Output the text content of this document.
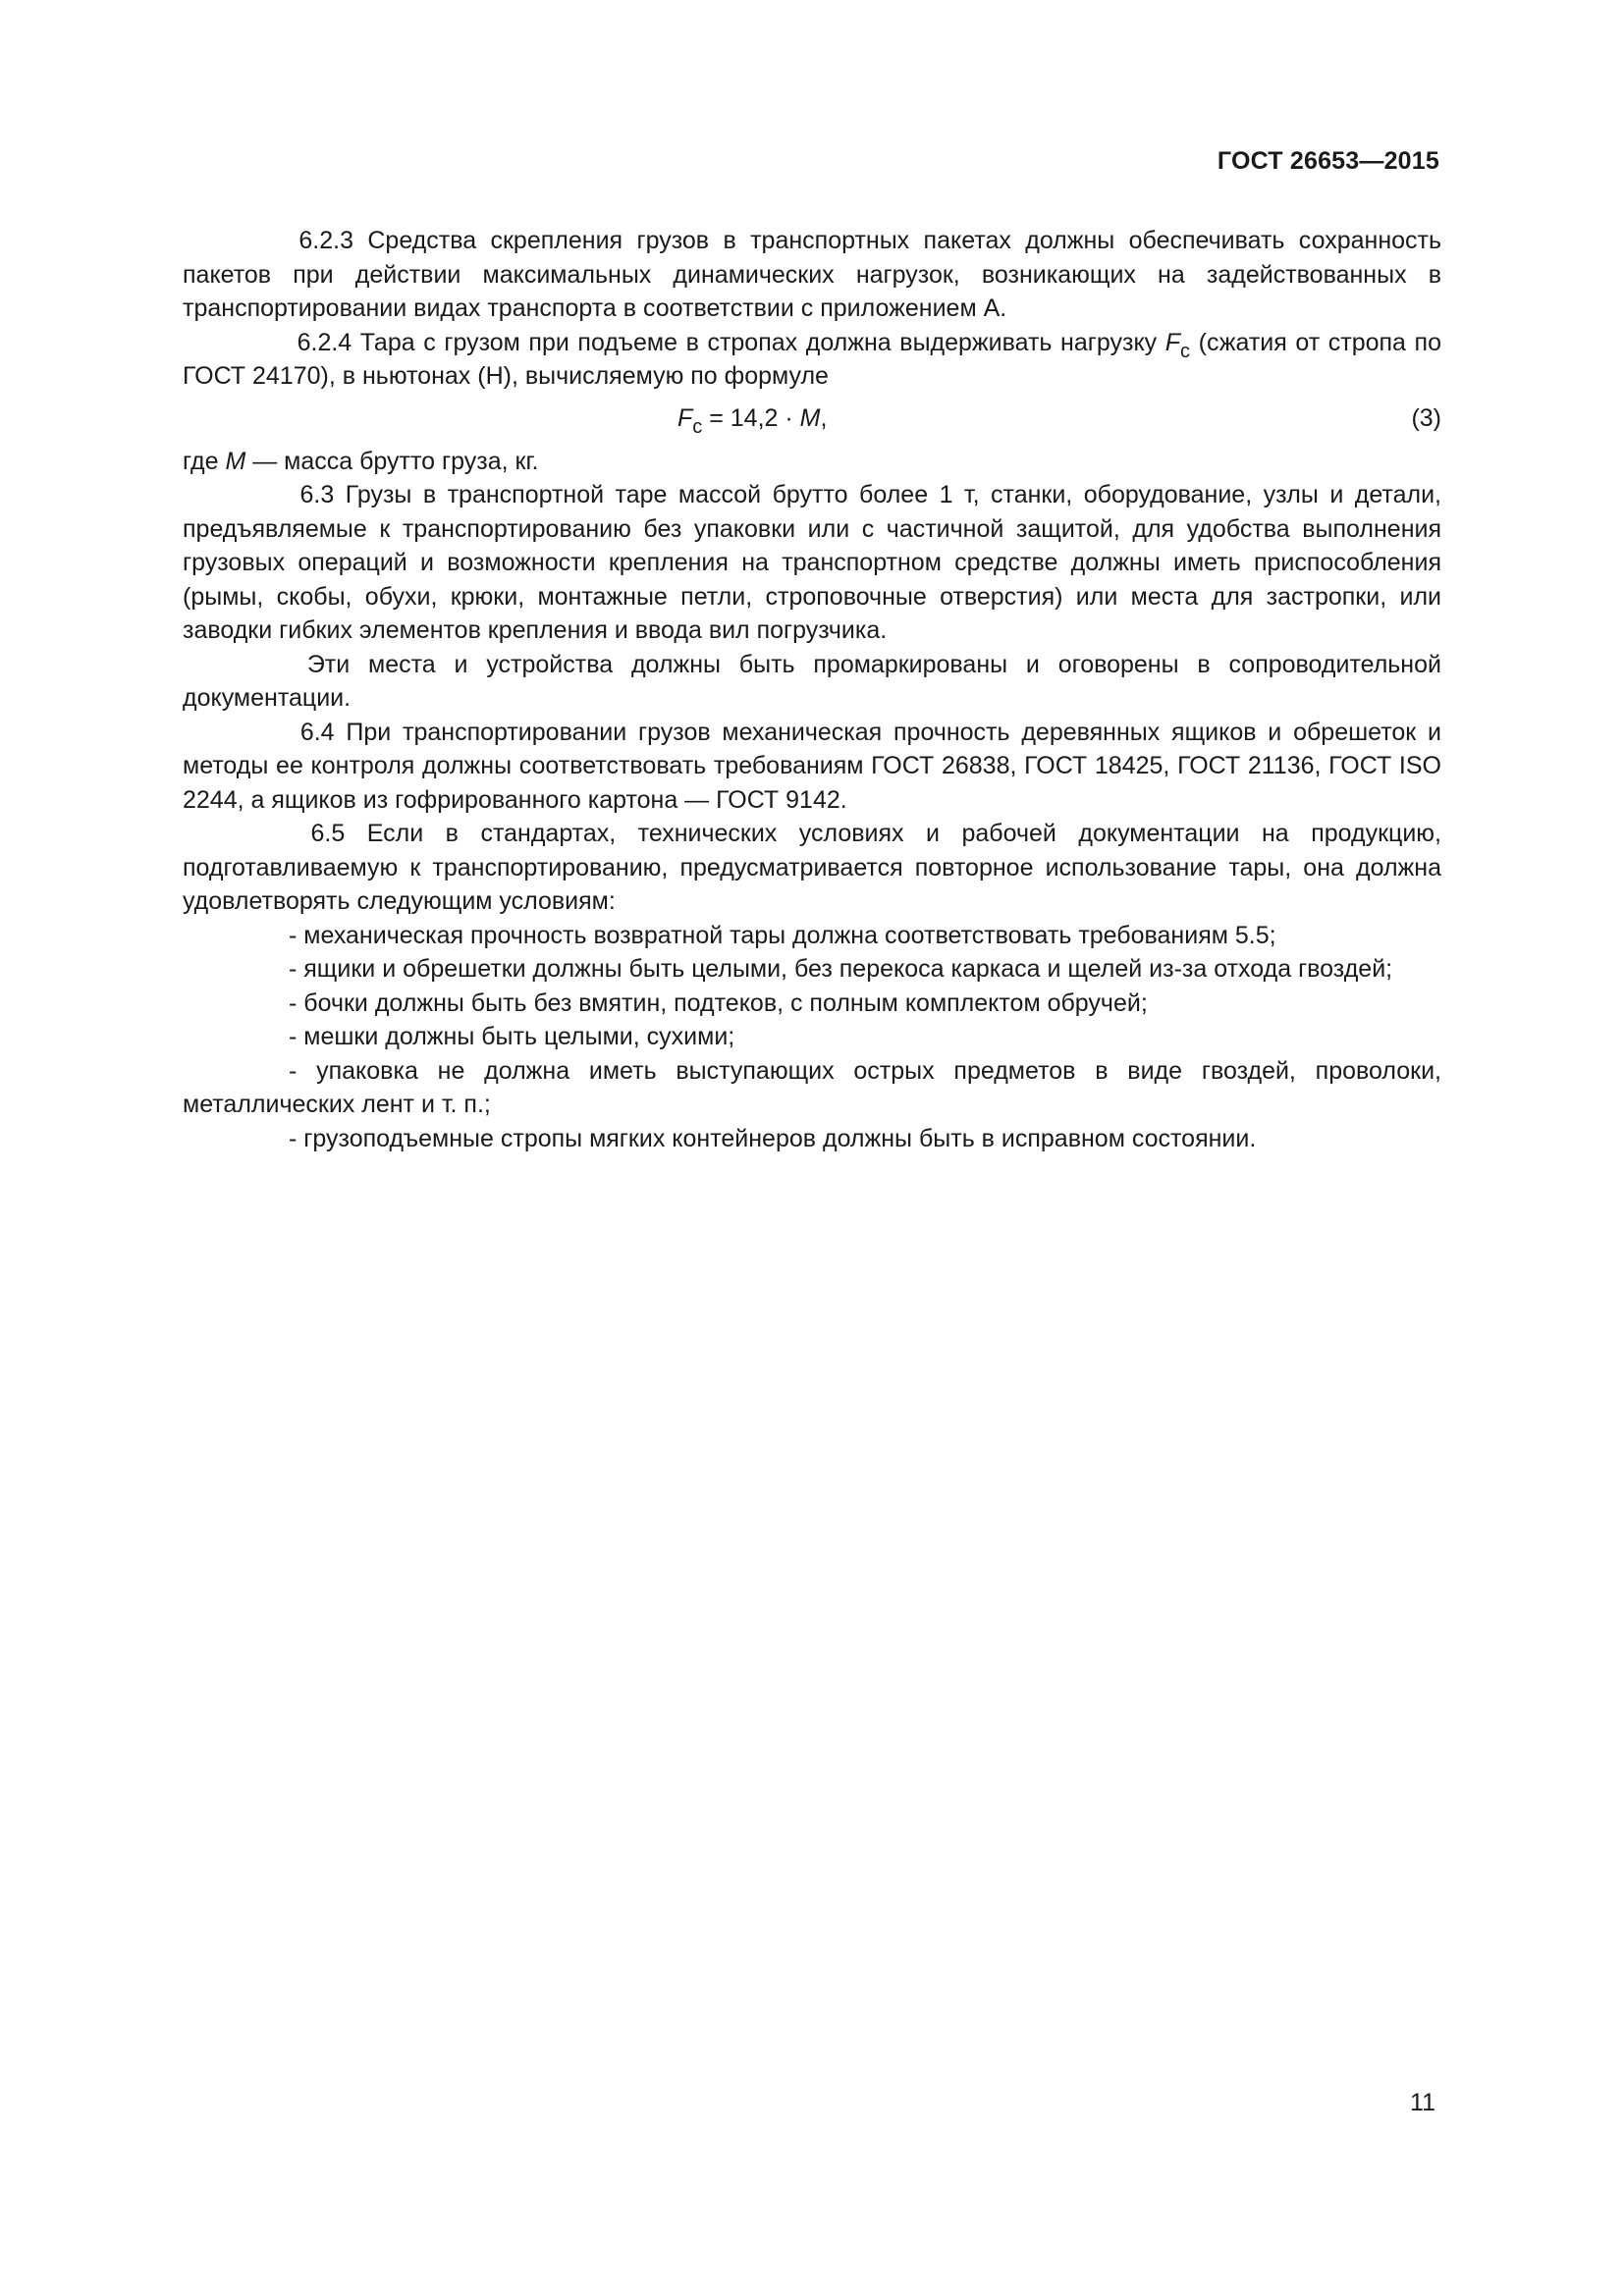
ГОСТ 26653—2015

6.2.3 Средства скрепления грузов в транспортных пакетах должны обеспечивать сохранность пакетов при действии максимальных динамических нагрузок, возникающих на задействованных в транспортировании видах транспорта в соответствии с приложением А.

6.2.4 Тара с грузом при подъеме в стропах должна выдерживать нагрузку $F_с$ (сжатия от стропа по ГОСТ 24170), в ньютонах (Н), вычисляемую по формуле

$F_с = 14,2 \cdot M$,	(3)

где M — масса брутто груза, кг.

6.3 Грузы в транспортной таре массой брутто более 1 т, станки, оборудование, узлы и детали, предъявляемые к транспортированию без упаковки или с частичной защитой, для удобства выполнения грузовых операций и возможности крепления на транспортном средстве должны иметь приспособления (рымы, скобы, обухи, крюки, монтажные петли, строповочные отверстия) или места для застропки, или заводки гибких элементов крепления и ввода вил погрузчика.

Эти места и устройства должны быть промаркированы и оговорены в сопроводительной документации.

6.4 При транспортировании грузов механическая прочность деревянных ящиков и обрешеток и методы ее контроля должны соответствовать требованиям ГОСТ 26838, ГОСТ 18425, ГОСТ 21136, ГОСТ ISO 2244, а ящиков из гофрированного картона — ГОСТ 9142.

6.5 Если в стандартах, технических условиях и рабочей документации на продукцию, подготавливаемую к транспортированию, предусматривается повторное использование тары, она должна удовлетворять следующим условиям:

- механическая прочность возвратной тары должна соответствовать требованиям 5.5;

- ящики и обрешетки должны быть целыми, без перекоса каркаса и щелей из-за отхода гвоздей;

- бочки должны быть без вмятин, подтеков, с полным комплектом обручей;

- мешки должны быть целыми, сухими;

- упаковка не должна иметь выступающих острых предметов в виде гвоздей, проволоки, металлических лент и т. п.;

- грузоподъемные стропы мягких контейнеров должны быть в исправном состоянии.

11
